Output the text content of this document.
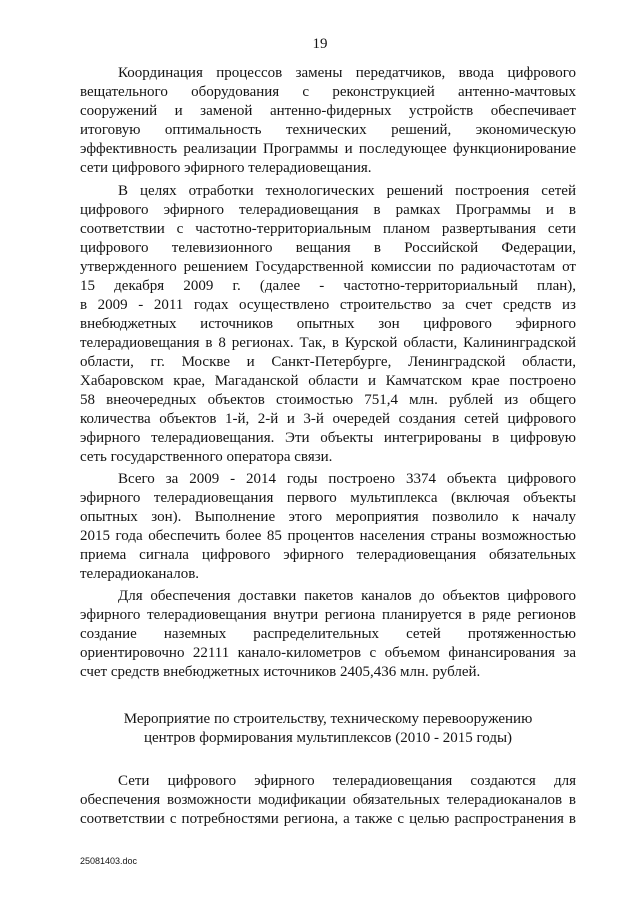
19
Координация процессов замены передатчиков, ввода цифрового
вещательного оборудования с реконструкцией антенно-мачтовых
сооружений и заменой антенно-фидерных устройств обеспечивает
итоговую оптимальность технических решений, экономическую
эффективность реализации Программы и последующее функционирование
сети цифрового эфирного телерадиовещания.
В целях отработки технологических решений построения сетей
цифрового эфирного телерадиовещания в рамках Программы и в
соответствии с частотно-территориальным планом развертывания сети
цифрового телевизионного вещания в Российской Федерации,
утвержденного решением Государственной комиссии по радиочастотам от
15 декабря 2009 г. (далее - частотно-территориальный план),
в 2009 - 2011 годах осуществлено строительство за счет средств из
внебюджетных источников опытных зон цифрового эфирного
телерадиовещания в 8 регионах. Так, в Курской области, Калининградской
области, гг. Москве и Санкт-Петербурге, Ленинградской области,
Хабаровском крае, Магаданской области и Камчатском крае построено
58 внеочередных объектов стоимостью 751,4 млн. рублей из общего
количества объектов 1-й, 2-й и 3-й очередей создания сетей цифрового
эфирного телерадиовещания. Эти объекты интегрированы в цифровую
сеть государственного оператора связи.
Всего за 2009 - 2014 годы построено 3374 объекта цифрового
эфирного телерадиовещания первого мультиплекса (включая объекты
опытных зон). Выполнение этого мероприятия позволило к началу
2015 года обеспечить более 85 процентов населения страны возможностью
приема сигнала цифрового эфирного телерадиовещания обязательных
телерадиоканалов.
Для обеспечения доставки пакетов каналов до объектов цифрового
эфирного телерадиовещания внутри региона планируется в ряде регионов
создание наземных распределительных сетей протяженностью
ориентировочно 22111 канало-километров с объемом финансирования за
счет средств внебюджетных источников 2405,436 млн. рублей.
Мероприятие по строительству, техническому перевооружению
центров формирования мультиплексов (2010 - 2015 годы)
Сети цифрового эфирного телерадиовещания создаются для
обеспечения возможности модификации обязательных телерадиоканалов в
соответствии с потребностями региона, а также с целью распространения в
25081403.doc
